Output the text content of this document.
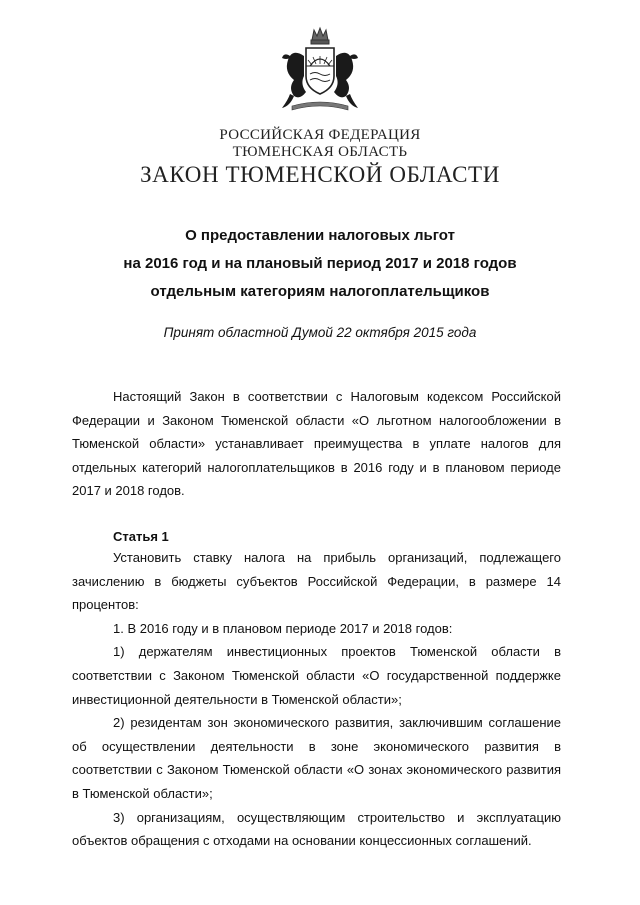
РОССИЙСКАЯ ФЕДЕРАЦИЯ
ТЮМЕНСКАЯ ОБЛАСТЬ
ЗАКОН ТЮМЕНСКОЙ ОБЛАСТИ
О предоставлении налоговых льгот
на 2016 год и на плановый период 2017 и 2018 годов
отдельным категориям налогоплательщиков
Принят областной Думой 22 октября 2015 года

Настоящий Закон в соответствии с Налоговым кодексом Российской Федерации и Законом Тюменской области «О льготном налогообложении в Тюменской области» устанавливает преимущества в уплате налогов для отдельных категорий налогоплательщиков в 2016 году и в плановом периоде 2017 и 2018 годов.

Статья 1

Установить ставку налога на прибыль организаций, подлежащего зачислению в бюджеты субъектов Российской Федерации, в размере 14 процентов:

1. В 2016 году и в плановом периоде 2017 и 2018 годов:

1) держателям инвестиционных проектов Тюменской области в соответствии с Законом Тюменской области «О государственной поддержке инвестиционной деятельности в Тюменской области»;

2) резидентам зон экономического развития, заключившим соглашение об осуществлении деятельности в зоне экономического развития в соответствии с Законом Тюменской области «О зонах экономического развития в Тюменской области»;

3) организациям, осуществляющим строительство и эксплуатацию объектов обращения с отходами на основании концессионных соглашений.
